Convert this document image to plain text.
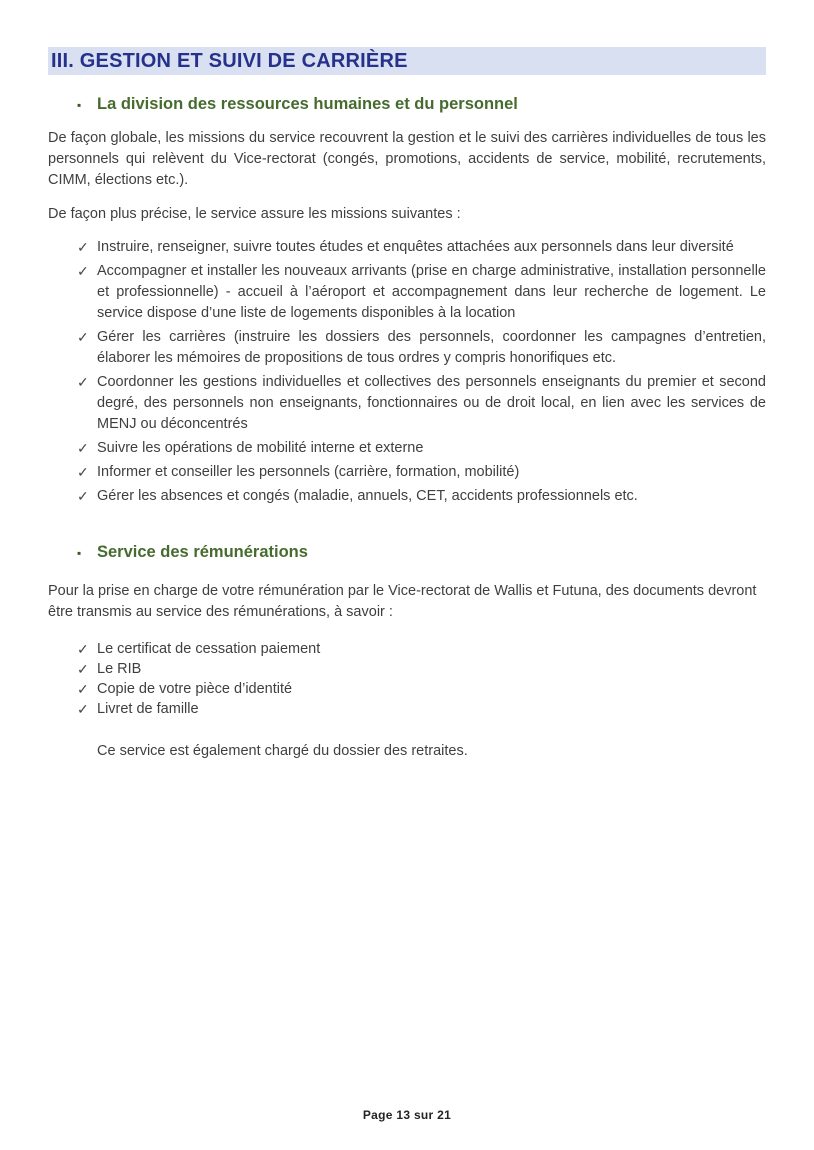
III. GESTION ET SUIVI DE CARRIÈRE
▪ La division des ressources humaines et du personnel

De façon globale, les missions du service recouvrent la gestion et le suivi des carrières individuelles de tous les personnels qui relèvent du Vice-rectorat (congés, promotions, accidents de service, mobilité, recrutements, CIMM, élections etc.).

De façon plus précise, le service assure les missions suivantes :

✓ Instruire, renseigner, suivre toutes études et enquêtes attachées aux personnels dans leur diversité
✓ Accompagner et installer les nouveaux arrivants (prise en charge administrative, installation personnelle et professionnelle) - accueil à l’aéroport et accompagnement dans leur recherche de logement. Le service dispose d’une liste de logements disponibles à la location
✓ Gérer les carrières (instruire les dossiers des personnels, coordonner les campagnes d’entretien, élaborer les mémoires de propositions de tous ordres y compris honorifiques etc.
✓ Coordonner les gestions individuelles et collectives des personnels enseignants du premier et second degré, des personnels non enseignants, fonctionnaires ou de droit local, en lien avec les services de MENJ ou déconcentrés
✓ Suivre les opérations de mobilité interne et externe
✓ Informer et conseiller les personnels (carrière, formation, mobilité)
✓ Gérer les absences et congés (maladie, annuels, CET, accidents professionnels etc.
▪ Service des rémunérations

Pour la prise en charge de votre rémunération par le Vice-rectorat de Wallis et Futuna, des documents devront être transmis au service des rémunérations, à savoir :

✓ Le certificat de cessation paiement
✓ Le RIB
✓ Copie de votre pièce d’identité
✓ Livret de famille

Ce service est également chargé du dossier des retraites.

Page 13 sur 21
